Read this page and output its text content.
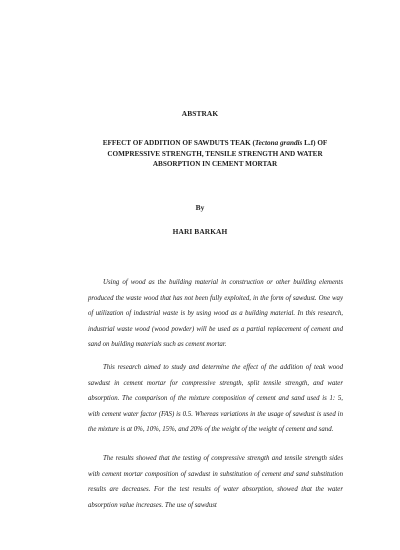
ABSTRAK
EFFECT OF ADDITION OF SAWDUTS TEAK (Tectona grandis L.f) OF COMPRESSIVE STRENGTH, TENSILE STRENGTH AND WATER ABSORPTION IN CEMENT MORTAR
By
HARI BARKAH

Using of wood as the building material in construction or other building elements produced the waste wood that has not been fully exploited, in the form of sawdust. One way of utilization of industrial waste is by using wood as a building material. In this research, industrial waste wood (wood powder) will be used as a partial replacement of cement and sand on building materials such as cement mortar.

This research aimed to study and determine the effect of the addition of teak wood sawdust in cement mortar for compressive strength, split tensile strength, and water absorption. The comparison of the mixture composition of cement and sand used is 1: 5, with cement water factor (FAS) is 0.5. Whereas variations in the usage of sawdust is used in the mixture is at 0%, 10%, 15%, and 20% of the weight of the weight of cement and sand.

The results showed that the testing of compressive strength and tensile strength sides with cement mortar composition of sawdust in substitution of cement and sand substitution results are decreases. For the test results of water absorption, showed that the water absorption value increases. The use of sawdust
